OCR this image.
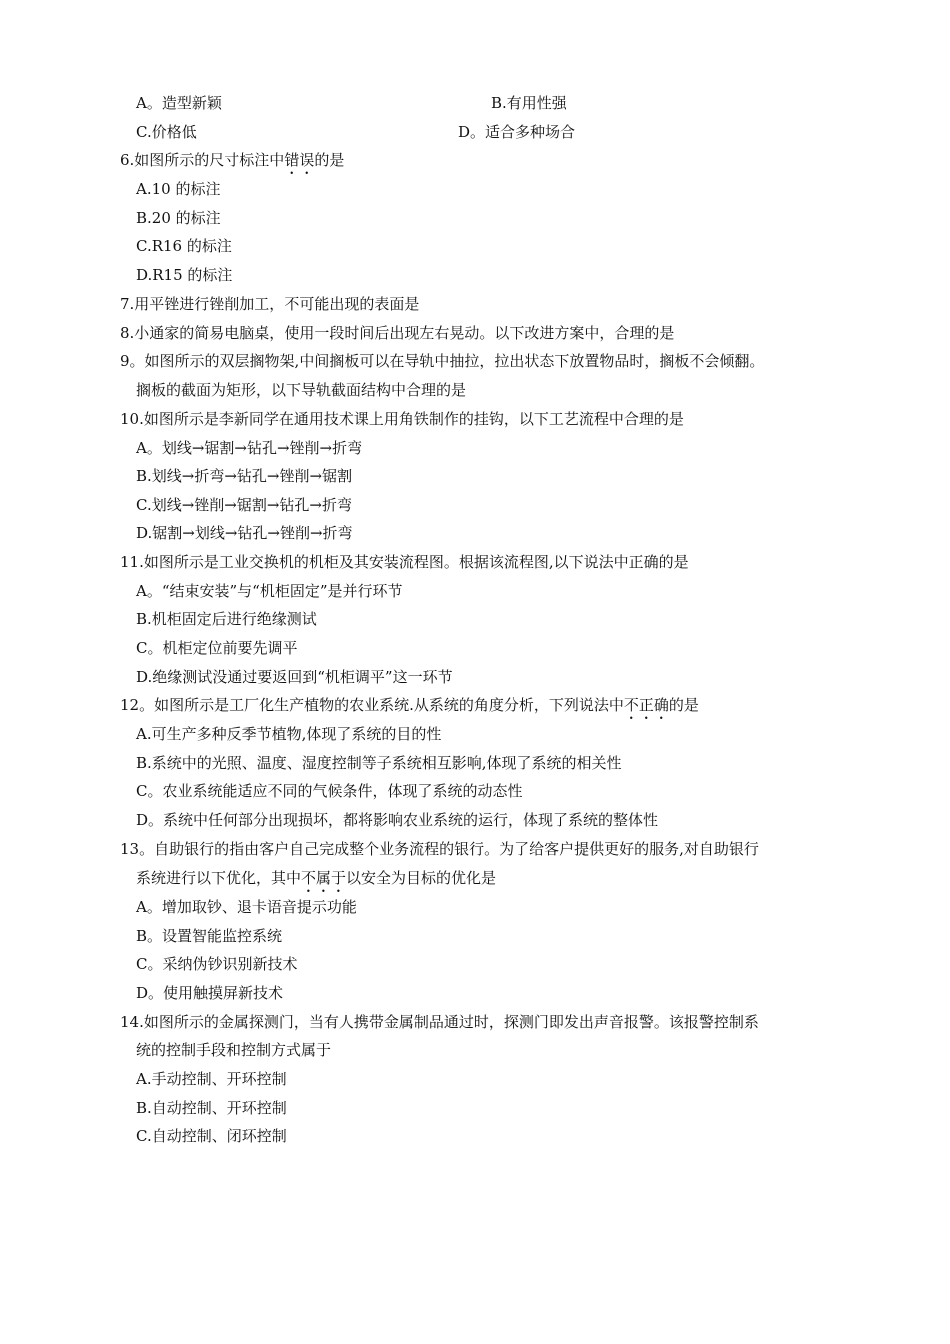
A。造型新颖	B.有用性强
C.价格低	D。适合多种场合
6.如图所示的尺寸标注中错误的是
A.10 的标注
B.20 的标注
C.R16 的标注
D.R15 的标注
7.用平锉进行锉削加工，不可能出现的表面是
8.小通家的简易电脑桌，使用一段时间后出现左右晃动。以下改进方案中，合理的是
9。如图所示的双层搁物架,中间搁板可以在导轨中抽拉，拉出状态下放置物品时，搁板不会倾翻。
搁板的截面为矩形，以下导轨截面结构中合理的是
10.如图所示是李新同学在通用技术课上用角铁制作的挂钩，以下工艺流程中合理的是
A。划线→锯割→钻孔→锉削→折弯
B.划线→折弯→钻孔→锉削→锯割
C.划线→锉削→锯割→钻孔→折弯
D.锯割→划线→钻孔→锉削→折弯
11.如图所示是工业交换机的机柜及其安装流程图。根据该流程图,以下说法中正确的是
A。“结束安装”与“机柜固定”是并行环节
B.机柜固定后进行绝缘测试
C。机柜定位前要先调平
D.绝缘测试没通过要返回到“机柜调平”这一环节
12。如图所示是工厂化生产植物的农业系统.从系统的角度分析，下列说法中不正确的是
A.可生产多种反季节植物,体现了系统的目的性
B.系统中的光照、温度、湿度控制等子系统相互影响,体现了系统的相关性
C。农业系统能适应不同的气候条件，体现了系统的动态性
D。系统中任何部分出现损坏，都将影响农业系统的运行，体现了系统的整体性
13。自助银行的指由客户自己完成整个业务流程的银行。为了给客户提供更好的服务,对自助银行
系统进行以下优化，其中不属于以安全为目标的优化是
A。增加取钞、退卡语音提示功能
B。设置智能监控系统
C。采纳伪钞识别新技术
D。使用触摸屏新技术
14.如图所示的金属探测门，当有人携带金属制品通过时，探测门即发出声音报警。该报警控制系
统的控制手段和控制方式属于
A.手动控制、开环控制
B.自动控制、开环控制
C.自动控制、闭环控制
